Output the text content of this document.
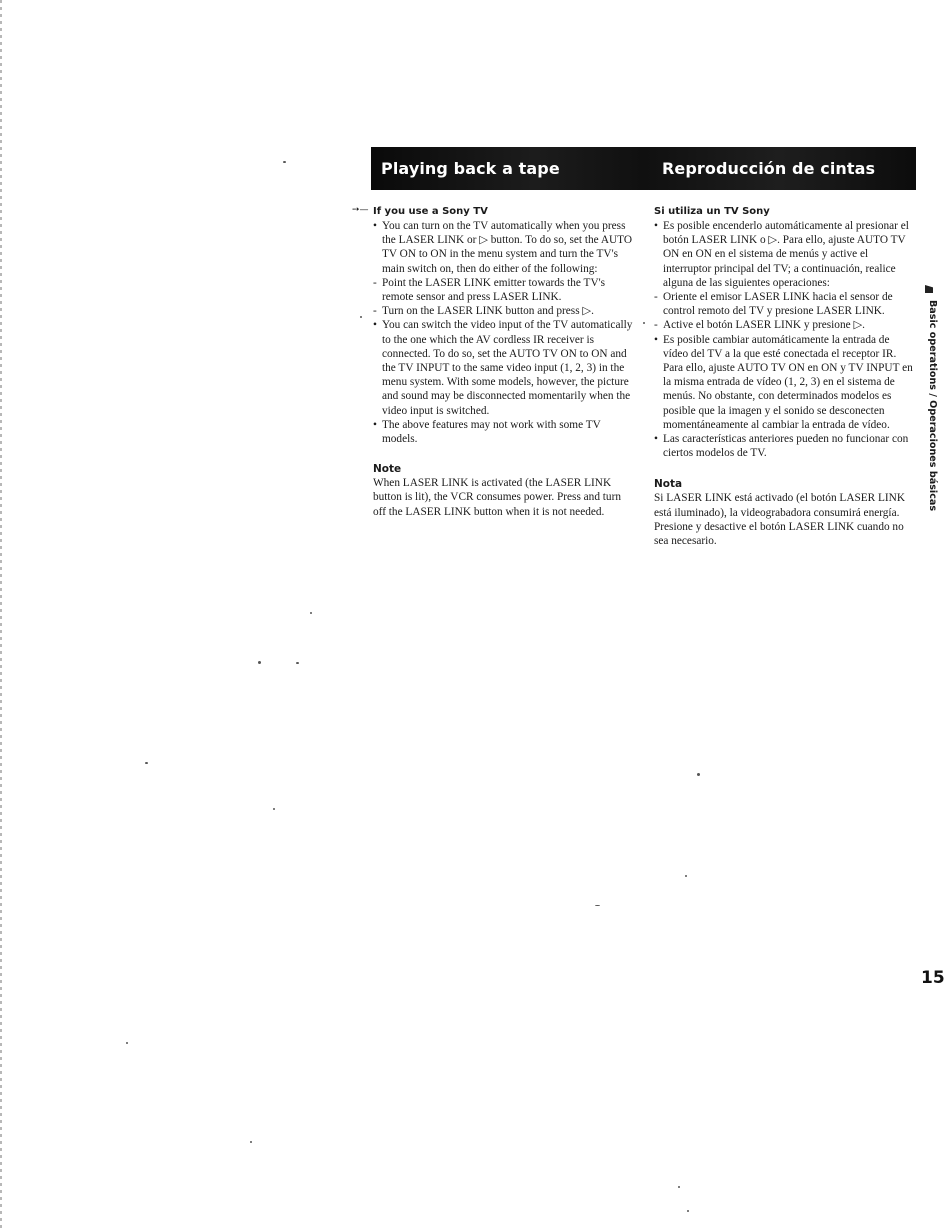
Playing back a tape	Reproducción de cintas
➙— If you use a Sony TV

• You can turn on the TV automatically when you press the LASER LINK or ▷ button. To do so, set the AUTO TV ON to ON in the menu system and turn the TV's main switch on, then do either of the following:

- Point the LASER LINK emitter towards the TV's remote sensor and press LASER LINK.

- Turn on the LASER LINK button and press ▷.

• You can switch the video input of the TV automatically to the one which the AV cordless IR receiver is connected. To do so, set the AUTO TV ON to ON and the TV INPUT to the same video input (1, 2, 3) in the menu system. With some models, however, the picture and sound may be disconnected momentarily when the video input is switched.

• The above features may not work with some TV models.

Note

When LASER LINK is activated (the LASER LINK button is lit), the VCR consumes power. Press and turn off the LASER LINK button when it is not needed.

Si utiliza un TV Sony

• Es posible encenderlo automáticamente al presionar el botón LASER LINK o ▷. Para ello, ajuste AUTO TV ON en ON en el sistema de menús y active el interruptor principal del TV; a continuación, realice alguna de las siguientes operaciones:

- Oriente el emisor LASER LINK hacia el sensor de control remoto del TV y presione LASER LINK.

- Active el botón LASER LINK y presione ▷.

• Es posible cambiar automáticamente la entrada de vídeo del TV a la que esté conectada el receptor IR. Para ello, ajuste AUTO TV ON en ON y TV INPUT en la misma entrada de vídeo (1, 2, 3) en el sistema de menús. No obstante, con determinados modelos es posible que la imagen y el sonido se desconecten momentáneamente al cambiar la entrada de vídeo.

• Las características anteriores pueden no funcionar con ciertos modelos de TV.

Nota

Si LASER LINK está activado (el botón LASER LINK está iluminado), la videograbadora consumirá energía. Presione y desactive el botón LASER LINK cuando no sea necesario.

Basic operations / Operaciones básicas
15
